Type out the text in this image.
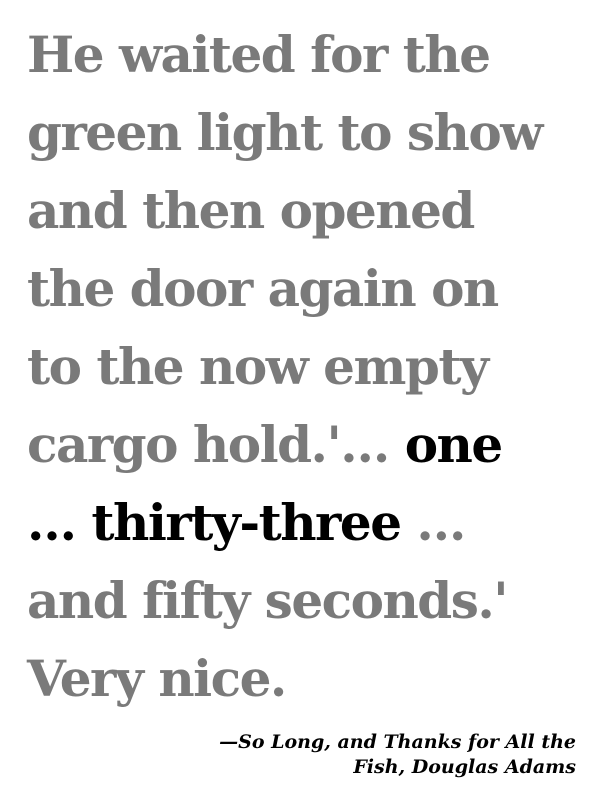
He waited for the
green light to show
and then opened
the door again on
to the now empty
cargo hold.'… one
… thirty-three …
and fifty seconds.'
Very nice.
—So Long, and Thanks for All the
Fish, Douglas Adams
